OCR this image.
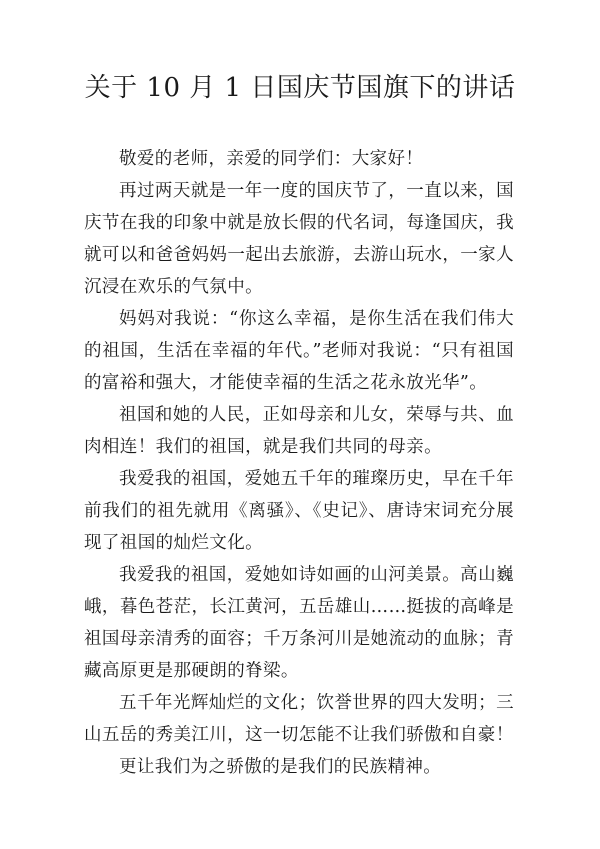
关于 10 月 1 日国庆节国旗下的讲话

敬爱的老师，亲爱的同学们：大家好！

再过两天就是一年一度的国庆节了，一直以来，国庆节在我的印象中就是放长假的代名词，每逢国庆，我就可以和爸爸妈妈一起出去旅游，去游山玩水，一家人沉浸在欢乐的气氛中。

妈妈对我说：“你这么幸福，是你生活在我们伟大的祖国，生活在幸福的年代。”老师对我说：“只有祖国的富裕和强大，才能使幸福的生活之花永放光华”。

祖国和她的人民，正如母亲和儿女，荣辱与共、血肉相连！我们的祖国，就是我们共同的母亲。

我爱我的祖国，爱她五千年的璀璨历史，早在千年前我们的祖先就用《离骚》、《史记》、唐诗宋词充分展现了祖国的灿烂文化。

我爱我的祖国，爱她如诗如画的山河美景。高山巍峨，暮色苍茫，长江黄河，五岳雄山……挺拔的高峰是祖国母亲清秀的面容；千万条河川是她流动的血脉；青藏高原更是那硬朗的脊梁。

五千年光辉灿烂的文化；饮誉世界的四大发明；三山五岳的秀美江川，这一切怎能不让我们骄傲和自豪！

更让我们为之骄傲的是我们的民族精神。
